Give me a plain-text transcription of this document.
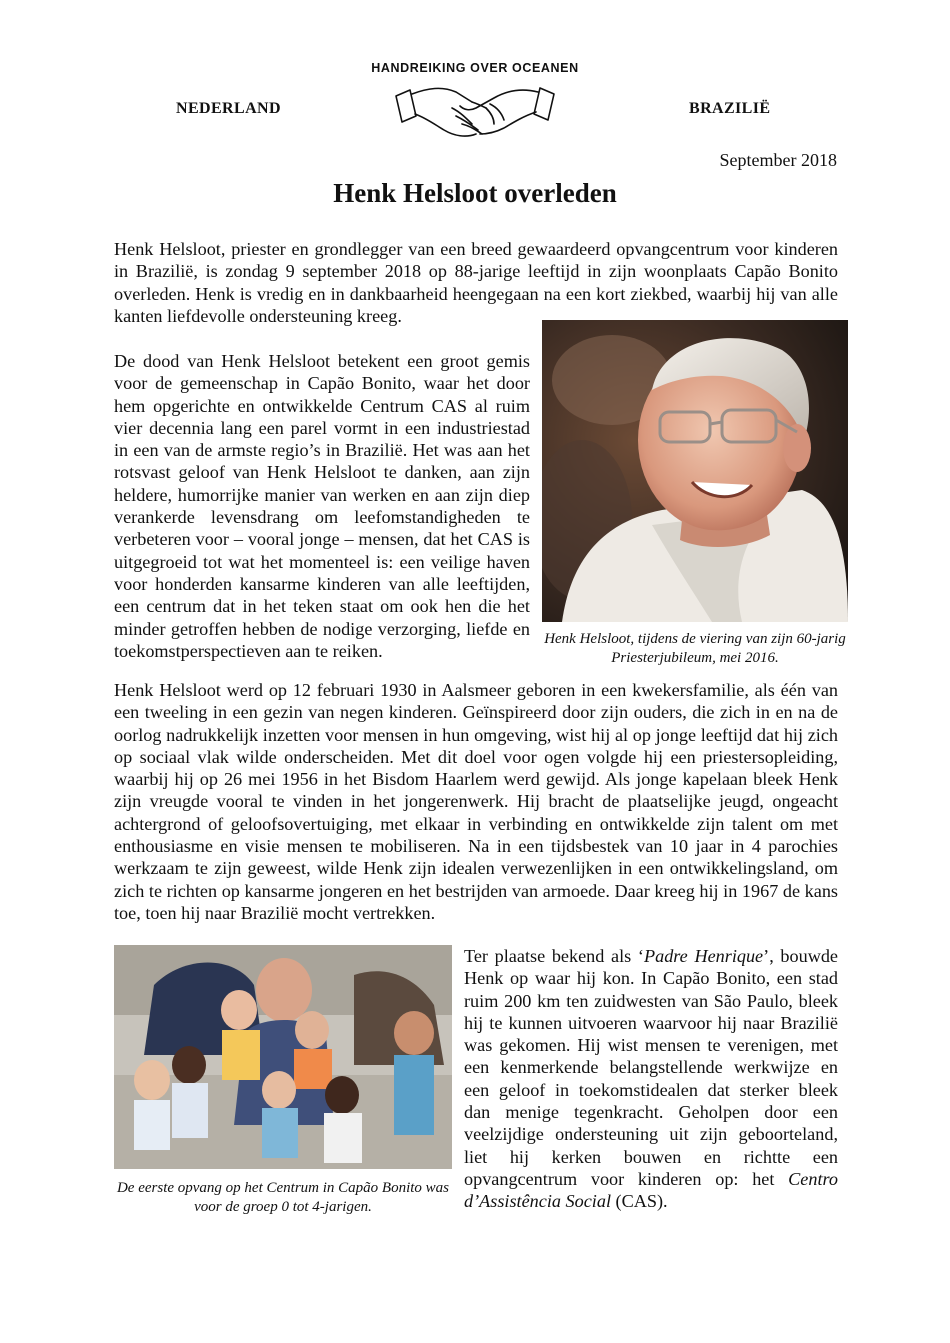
HANDREIKING OVER OCEANEN
NEDERLAND	BRAZILIË
September 2018
Henk Helsloot overleden

Henk Helsloot, priester en grondlegger van een breed gewaardeerd opvangcentrum voor kinderen in Brazilië, is zondag 9 september 2018 op 88-jarige leeftijd in zijn woonplaats Capão Bonito overleden. Henk is vredig en in dankbaarheid heengegaan na een kort ziekbed, waarbij hij van alle kanten liefdevolle ondersteuning kreeg.

De dood van Henk Helsloot betekent een groot gemis voor de gemeenschap in Capão Bonito, waar het door hem opgerichte en ontwikkelde Centrum CAS al ruim vier decennia lang een parel vormt in een industriestad in een van de armste regio’s in Brazilië. Het was aan het rotsvast geloof van Henk Helsloot te danken, aan zijn heldere, humorrijke manier van werken en aan zijn diep verankerde levensdrang om leefomstandigheden te verbeteren voor – vooral jonge – mensen, dat het CAS is uitgegroeid tot wat het momenteel is: een veilige haven voor honderden kansarme kinderen van alle leeftijden, een centrum dat in het teken staat om ook hen die het minder getroffen hebben de nodige verzorging, liefde en toekomstperspectieven aan te reiken.

Henk Helsloot, tijdens de viering van zijn 60-jarig Priesterjubileum, mei 2016.

Henk Helsloot werd op 12 februari 1930 in Aalsmeer geboren in een kwekersfamilie, als één van een tweeling in een gezin van negen kinderen. Geïnspireerd door zijn ouders, die zich in en na de oorlog nadrukkelijk inzetten voor mensen in hun omgeving, wist hij al op jonge leeftijd dat hij zich op sociaal vlak wilde onderscheiden. Met dit doel voor ogen volgde hij een priestersopleiding, waarbij hij op 26 mei 1956 in het Bisdom Haarlem werd gewijd. Als jonge kapelaan bleek Henk zijn vreugde vooral te vinden in het jongerenwerk. Hij bracht de plaatselijke jeugd, ongeacht achtergrond of geloofsovertuiging, met elkaar in verbinding en ontwikkelde zijn talent om met enthousiasme en visie mensen te mobiliseren. Na in een tijdsbestek van 10 jaar in 4 parochies werkzaam te zijn geweest, wilde Henk zijn idealen verwezenlijken in een ontwikkelingsland, om zich te richten op kansarme jongeren en het bestrijden van armoede. Daar kreeg hij in 1967 de kans toe, toen hij naar Brazilië mocht vertrekken.

De eerste opvang op het Centrum in Capão Bonito was voor de groep 0 tot 4-jarigen.

Ter plaatse bekend als ‘Padre Henrique’, bouwde Henk op waar hij kon. In Capão Bonito, een stad ruim 200 km ten zuidwesten van São Paulo, bleek hij te kunnen uitvoeren waarvoor hij naar Brazilië was gekomen. Hij wist mensen te verenigen, met een kenmerkende belangstellende werkwijze en een geloof in toekomstidealen dat sterker bleek dan menige tegenkracht. Geholpen door een veelzijdige ondersteuning uit zijn geboorteland, liet hij kerken bouwen en richtte een opvangcentrum voor kinderen op: het Centro d’Assistência Social (CAS).
